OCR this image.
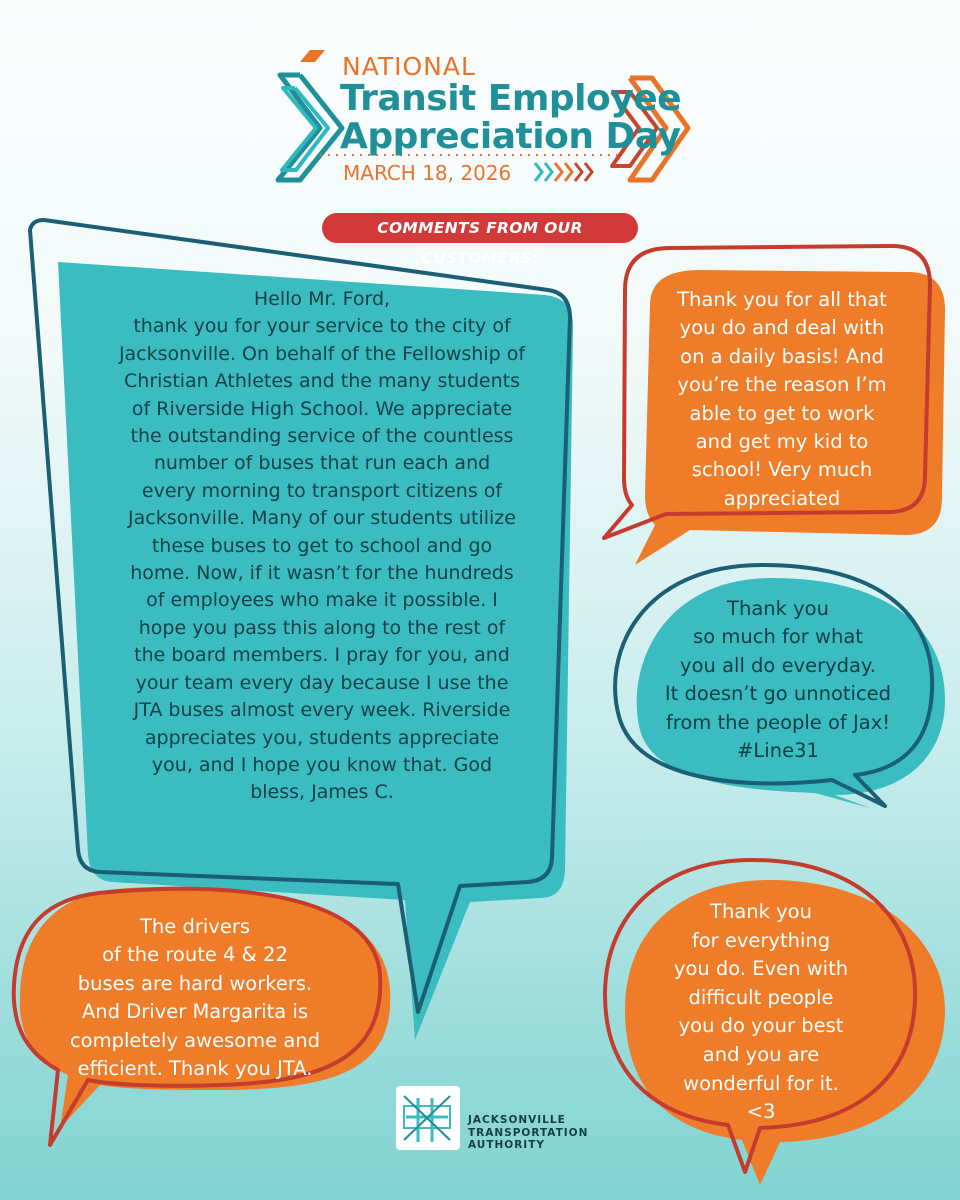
NATIONAL
Transit Employee
Appreciation Day
MARCH 18, 2026
COMMENTS FROM OUR CUSTOMERS:
Hello Mr. Ford,
thank you for your service to the city of
Jacksonville. On behalf of the Fellowship of
Christian Athletes and the many students
of Riverside High School. We appreciate
the outstanding service of the countless
number of buses that run each and
every morning to transport citizens of
Jacksonville. Many of our students utilize
these buses to get to school and go
home. Now, if it wasn’t for the hundreds
of employees who make it possible. I
hope you pass this along to the rest of
the board members. I pray for you, and
your team every day because I use the
JTA buses almost every week. Riverside
appreciates you, students appreciate
you, and I hope you know that. God
bless, James C.
Thank you for all that
you do and deal with
on a daily basis! And
you’re the reason I’m
able to get to work
and get my kid to
school! Very much
appreciated
Thank you
so much for what
you all do everyday.
It doesn’t go unnoticed
from the people of Jax!
#Line31
The drivers
of the route 4 & 22
buses are hard workers.
And Driver Margarita is
completely awesome and
efficient. Thank you JTA.
Thank you
for everything
you do. Even with
difficult people
you do your best
and you are
wonderful for it.
<3
JACKSONVILLE
TRANSPORTATION
AUTHORITY
